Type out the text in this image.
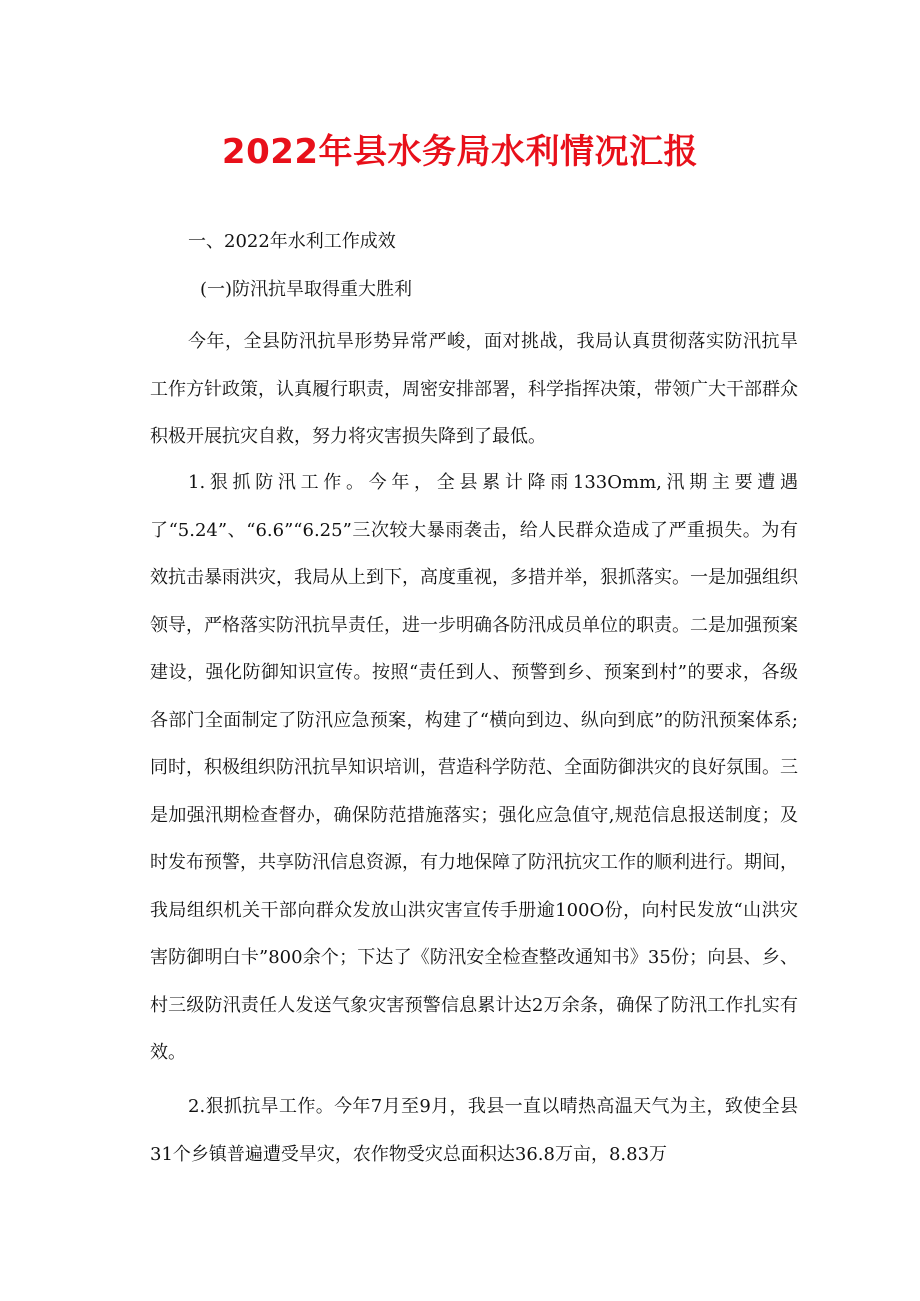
2022年县水务局水利情况汇报

一、2022年水利工作成效

(一)防汛抗旱取得重大胜利

今年，全县防汛抗旱形势异常严峻，面对挑战，我局认真贯彻落实防汛抗旱工作方针政策，认真履行职责，周密安排部署，科学指挥决策，带领广大干部群众积极开展抗灾自救，努力将灾害损失降到了最低。

1.狠抓防汛工作。今年，全县累计降雨133Omm,汛期主要遭遇了“5.24”、“6.6”“6.25”三次较大暴雨袭击，给人民群众造成了严重损失。为有效抗击暴雨洪灾，我局从上到下，高度重视，多措并举，狠抓落实。一是加强组织领导，严格落实防汛抗旱责任，进一步明确各防汛成员单位的职责。二是加强预案建设，强化防御知识宣传。按照“责任到人、预警到乡、预案到村”的要求，各级各部门全面制定了防汛应急预案，构建了“横向到边、纵向到底”的防汛预案体系;同时，积极组织防汛抗旱知识培训，营造科学防范、全面防御洪灾的良好氛围。三是加强汛期检查督办，确保防范措施落实；强化应急值守,规范信息报送制度；及时发布预警，共享防汛信息资源，有力地保障了防汛抗灾工作的顺利进行。期间，我局组织机关干部向群众发放山洪灾害宣传手册逾100O份，向村民发放“山洪灾害防御明白卡”800余个；下达了《防汛安全检查整改通知书》35份；向县、乡、村三级防汛责任人发送气象灾害预警信息累计达2万余条，确保了防汛工作扎实有效。

2.狠抓抗旱工作。今年7月至9月，我县一直以晴热高温天气为主，致使全县31个乡镇普遍遭受旱灾，农作物受灾总面积达36.8万亩，8.83万
